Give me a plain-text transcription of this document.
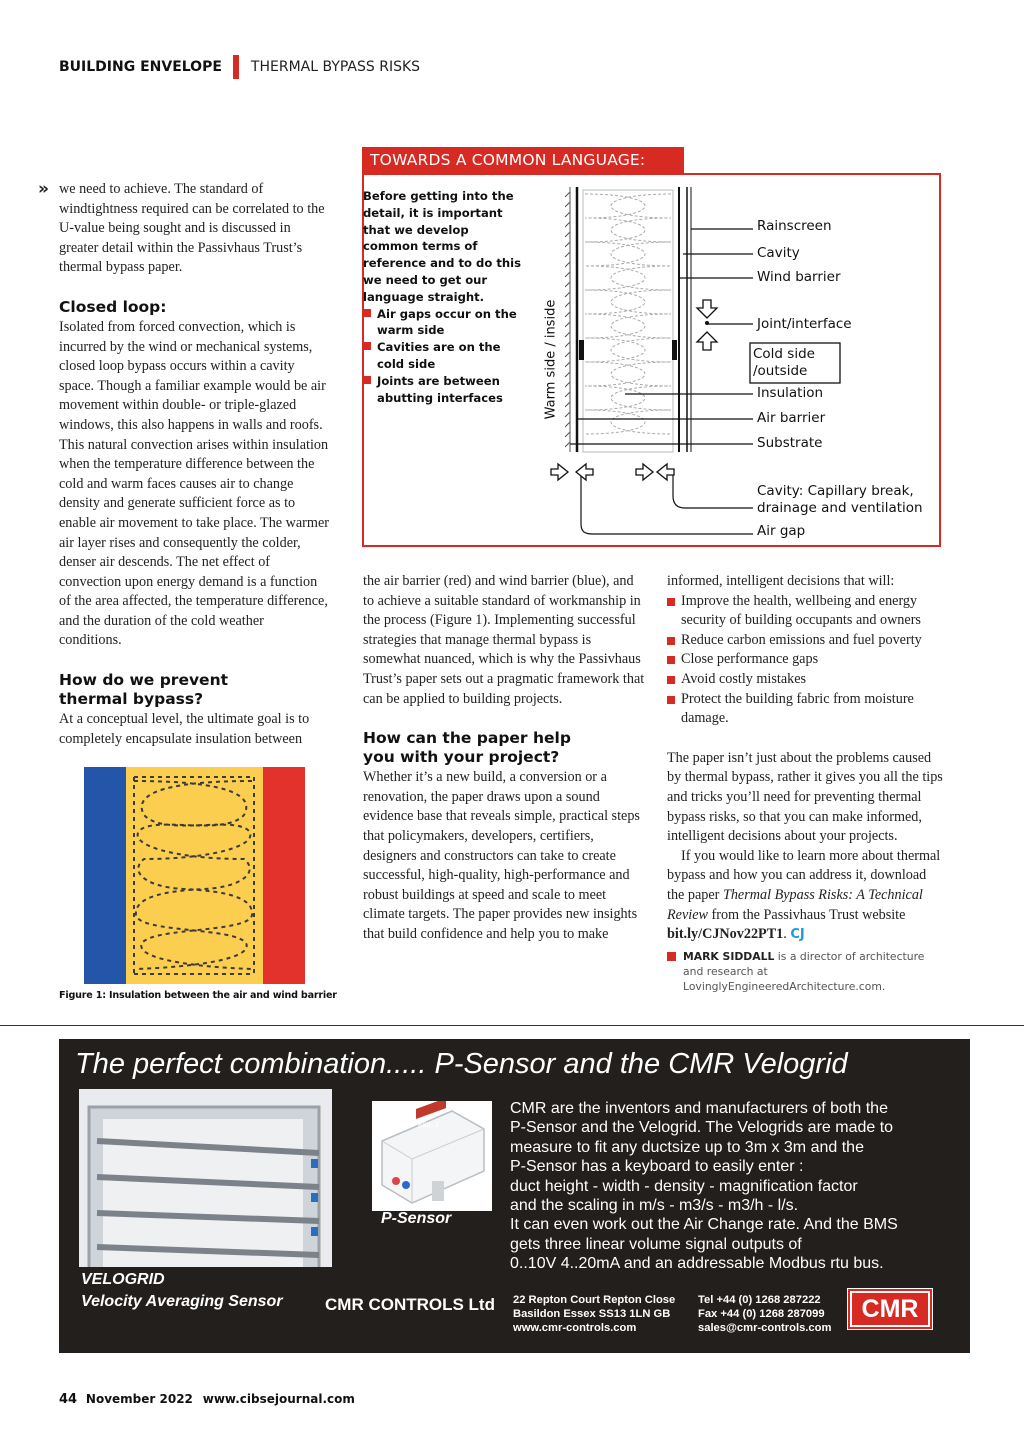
BUILDING ENVELOPE THERMAL BYPASS RISKS
» we need to achieve. The standard of windtightness required can be correlated to the U-value being sought and is discussed in greater detail within the Passivhaus Trust’s thermal bypass paper.

Closed loop:

Isolated from forced convection, which is incurred by the wind or mechanical systems, closed loop bypass occurs within a cavity space. Though a familiar example would be air movement within double- or triple-glazed windows, this also happens in walls and roofs. This natural convection arises within insulation when the temperature difference between the cold and warm faces causes air to change density and generate sufficient force as to enable air movement to take place. The warmer air layer rises and consequently the colder, denser air descends. The net effect of convection upon energy demand is a function of the area affected, the temperature difference, and the duration of the cold weather conditions.

How do we prevent thermal bypass?

At a conceptual level, the ultimate goal is to completely encapsulate insulation between

Figure 1: Insulation between the air and wind barrier
TOWARDS A COMMON LANGUAGE:
Before getting into the detail, it is important that we develop common terms of reference and to do this we need to get our language straight.
Air gaps occur on the warm side
Cavities are on the cold side
Joints are between abutting interfaces	Warm side / inside
Rainscreen
Cavity
Wind barrier
Joint/interface
Cold side
/outside
Insulation
Air barrier
Substrate
Cavity: Capillary break,
drainage and ventilation
Air gap

the air barrier (red) and wind barrier (blue), and to achieve a suitable standard of workmanship in the process (Figure 1). Implementing successful strategies that manage thermal bypass is somewhat nuanced, which is why the Passivhaus Trust’s paper sets out a pragmatic framework that can be applied to building projects.

How can the paper help you with your project?

Whether it’s a new build, a conversion or a renovation, the paper draws upon a sound evidence base that reveals simple, practical steps that policymakers, developers, certifiers, designers and constructors can take to create successful, high-quality, high-performance and robust buildings at speed and scale to meet climate targets. The paper provides new insights that build confidence and help you to make

informed, intelligent decisions that will:

Improve the health, wellbeing and energy security of building occupants and owners
Reduce carbon emissions and fuel poverty
Close performance gaps
Avoid costly mistakes
Protect the building fabric from moisture damage.

The paper isn’t just about the problems caused by thermal bypass, rather it gives you all the tips and tricks you’ll need for preventing thermal bypass risks, so that you can make informed, intelligent decisions about your projects.

If you would like to learn more about thermal bypass and how you can address it, download the paper Thermal Bypass Risks: A Technical Review from the Passivhaus Trust website bit.ly/CJNov22PT1. CJ

MARK SIDDALL is a director of architecture and research at LovinglyEngineeredArchitecture.com.
The perfect combination..... P-Sensor and the CMR Velogrid
VELOGRID
Velocity Averaging Sensor
888.8
P-Sensor
CMR are the inventors and manufacturers of both the
P-Sensor and the Velogrid. The Velogrids are made to
measure to fit any ductsize up to 3m x 3m and the
P-Sensor has a keyboard to easily enter :
duct height - width - density - magnification factor
and the scaling in m/s - m3/s - m3/h - l/s.
It can even work out the Air Change rate. And the BMS
gets three linear volume signal outputs of
0..10V 4..20mA and an addressable Modbus rtu bus.
CMR CONTROLS Ltd 22 Repton Court Repton Close
Basildon Essex SS13 1LN GB
www.cmr-controls.com
Tel +44 (0) 1268 287222
Fax +44 (0) 1268 287099
sales@cmr-controls.com
CMR
44 November 2022 www.cibsejournal.com
